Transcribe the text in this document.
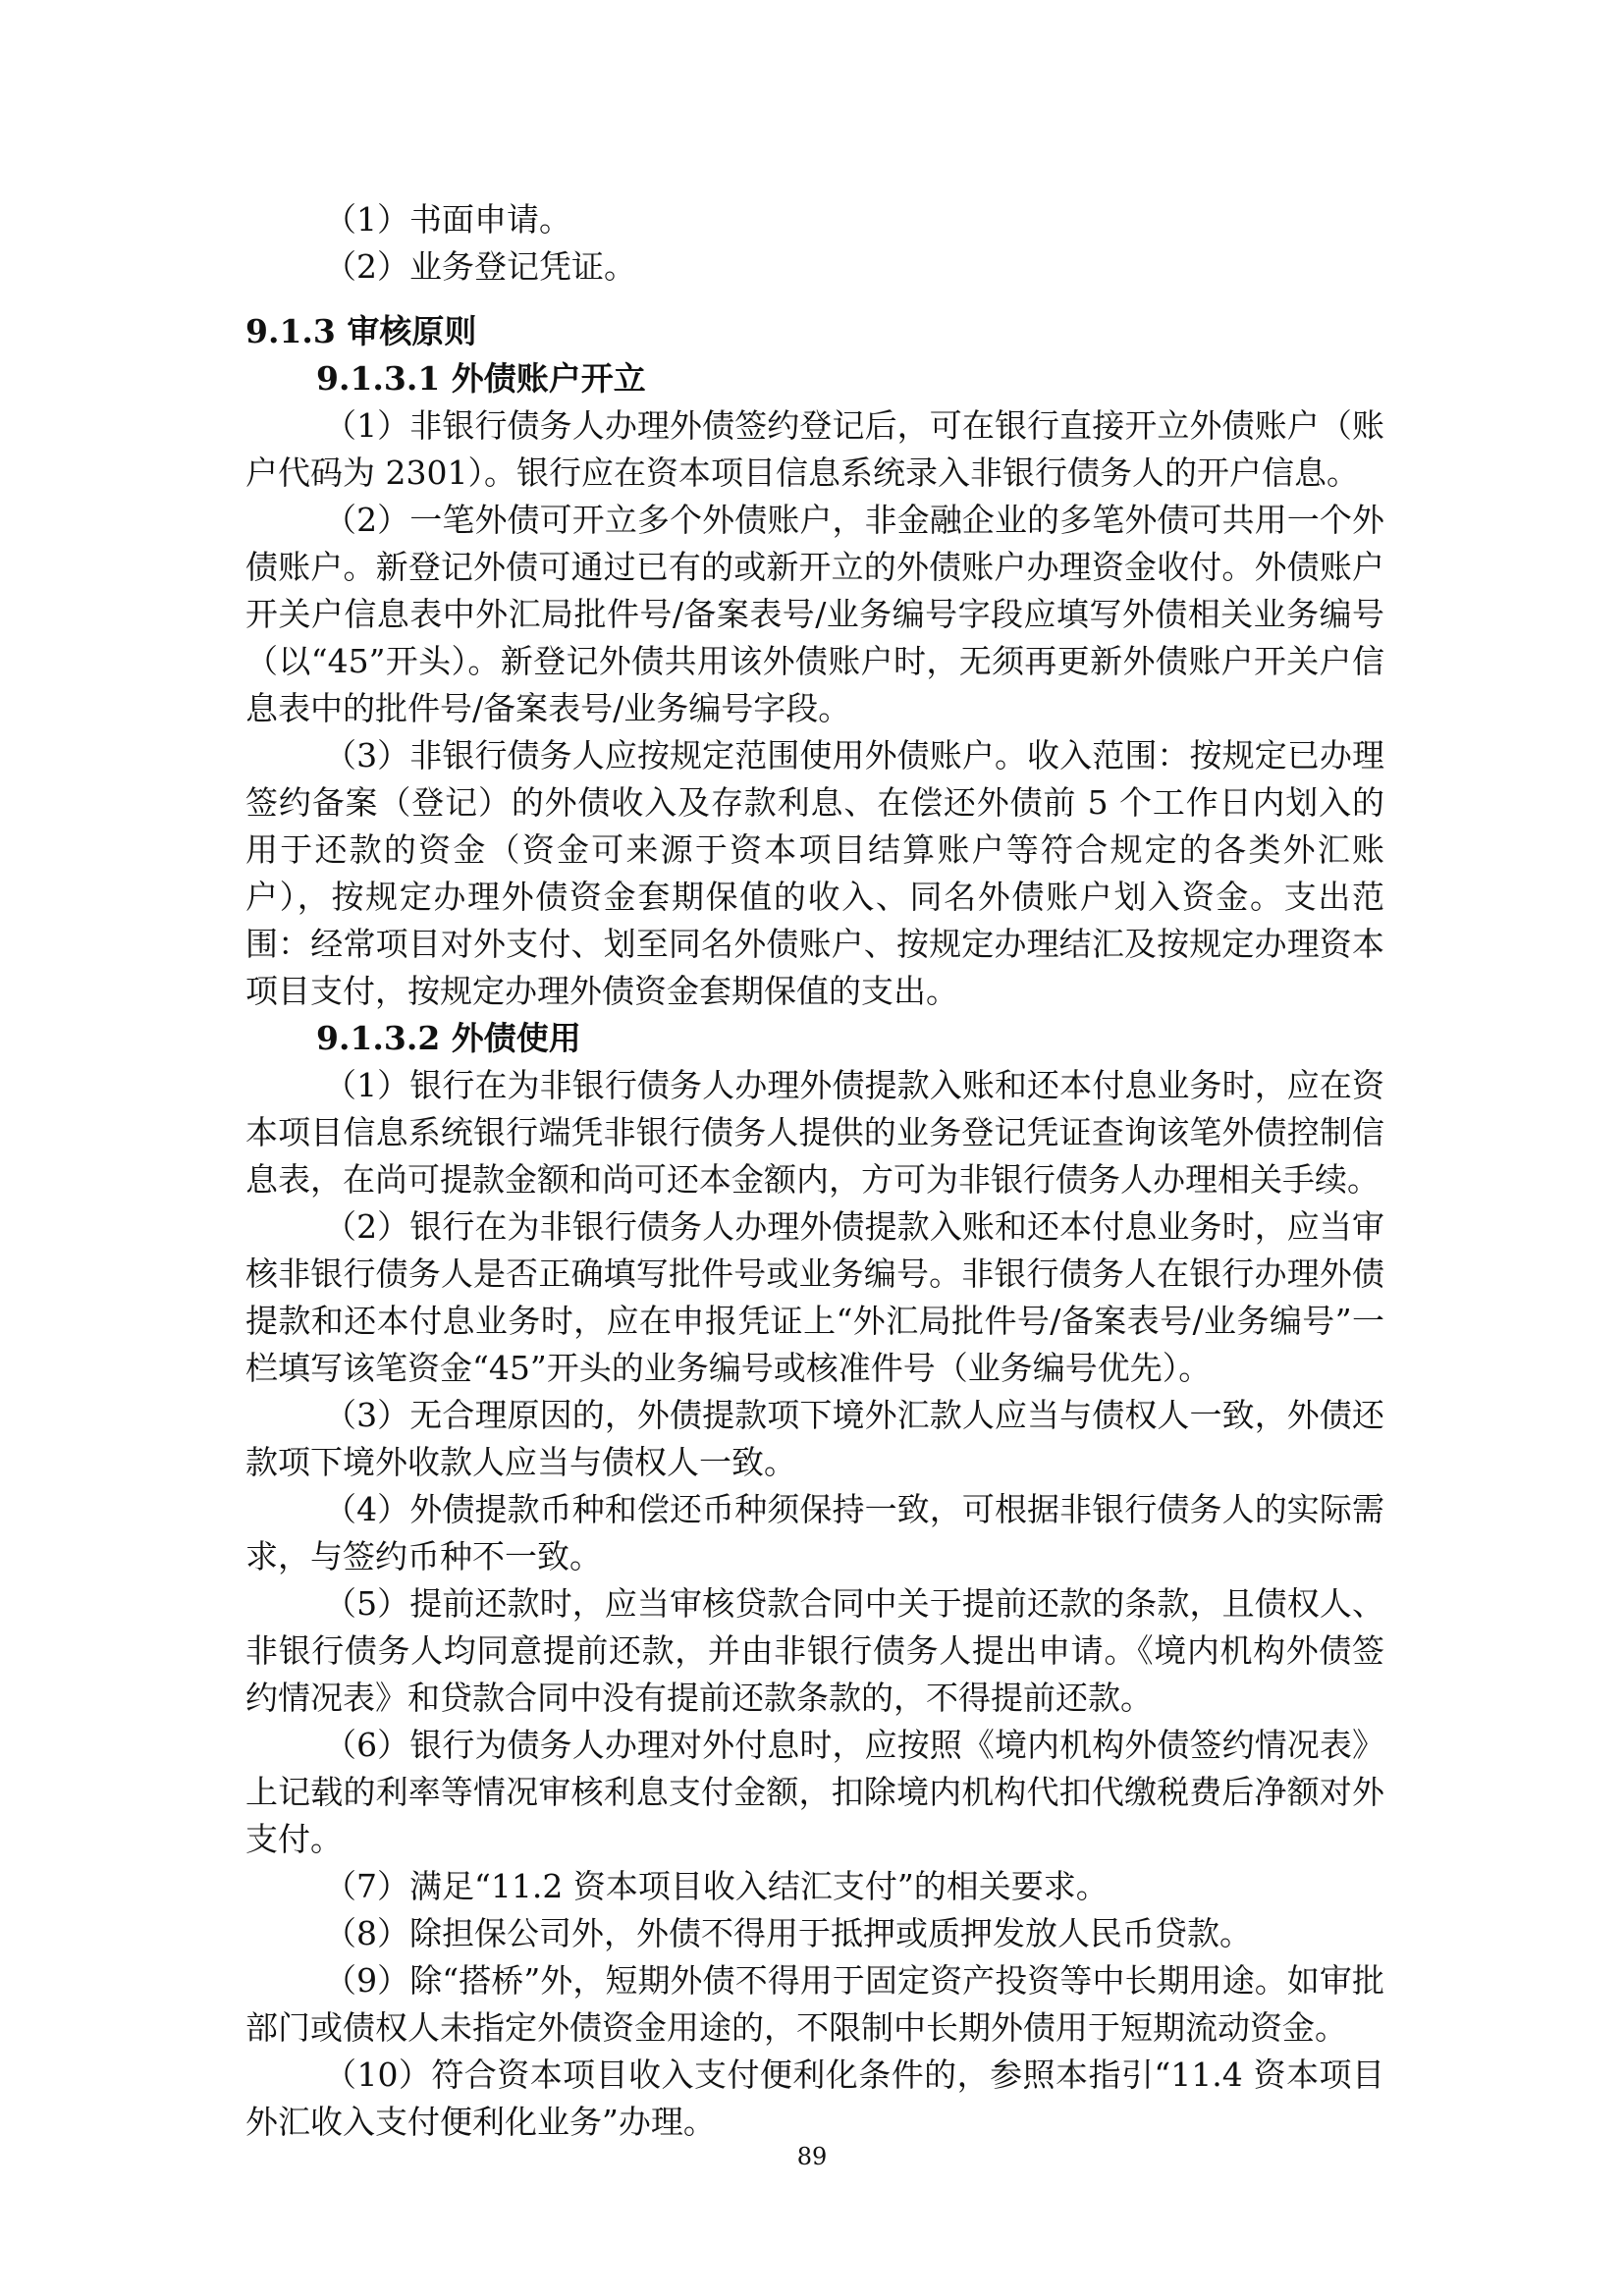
（1）书面申请。

（2）业务登记凭证。

9.1.3 审核原则

9.1.3.1 外债账户开立

（1）非银行债务人办理外债签约登记后，可在银行直接开立外债账户（账户代码为 2301）。银行应在资本项目信息系统录入非银行债务人的开户信息。

（2）一笔外债可开立多个外债账户，非金融企业的多笔外债可共用一个外债账户。新登记外债可通过已有的或新开立的外债账户办理资金收付。外债账户开关户信息表中外汇局批件号/备案表号/业务编号字段应填写外债相关业务编号（以“45”开头）。新登记外债共用该外债账户时，无须再更新外债账户开关户信息表中的批件号/备案表号/业务编号字段。

（3）非银行债务人应按规定范围使用外债账户。收入范围：按规定已办理签约备案（登记）的外债收入及存款利息、在偿还外债前 5 个工作日内划入的用于还款的资金（资金可来源于资本项目结算账户等符合规定的各类外汇账户），按规定办理外债资金套期保值的收入、同名外债账户划入资金。支出范围：经常项目对外支付、划至同名外债账户、按规定办理结汇及按规定办理资本项目支付，按规定办理外债资金套期保值的支出。

9.1.3.2 外债使用

（1）银行在为非银行债务人办理外债提款入账和还本付息业务时，应在资本项目信息系统银行端凭非银行债务人提供的业务登记凭证查询该笔外债控制信息表，在尚可提款金额和尚可还本金额内，方可为非银行债务人办理相关手续。

（2）银行在为非银行债务人办理外债提款入账和还本付息业务时，应当审核非银行债务人是否正确填写批件号或业务编号。非银行债务人在银行办理外债提款和还本付息业务时，应在申报凭证上“外汇局批件号/备案表号/业务编号”一栏填写该笔资金“45”开头的业务编号或核准件号（业务编号优先）。

（3）无合理原因的，外债提款项下境外汇款人应当与债权人一致，外债还款项下境外收款人应当与债权人一致。

（4）外债提款币种和偿还币种须保持一致，可根据非银行债务人的实际需求，与签约币种不一致。

（5）提前还款时，应当审核贷款合同中关于提前还款的条款，且债权人、非银行债务人均同意提前还款，并由非银行债务人提出申请。《境内机构外债签约情况表》和贷款合同中没有提前还款条款的，不得提前还款。

（6）银行为债务人办理对外付息时，应按照《境内机构外债签约情况表》上记载的利率等情况审核利息支付金额，扣除境内机构代扣代缴税费后净额对外支付。

（7）满足“11.2 资本项目收入结汇支付”的相关要求。

（8）除担保公司外，外债不得用于抵押或质押发放人民币贷款。

（9）除“搭桥”外，短期外债不得用于固定资产投资等中长期用途。如审批部门或债权人未指定外债资金用途的，不限制中长期外债用于短期流动资金。

（10）符合资本项目收入支付便利化条件的，参照本指引“11.4 资本项目外汇收入支付便利化业务”办理。

89
